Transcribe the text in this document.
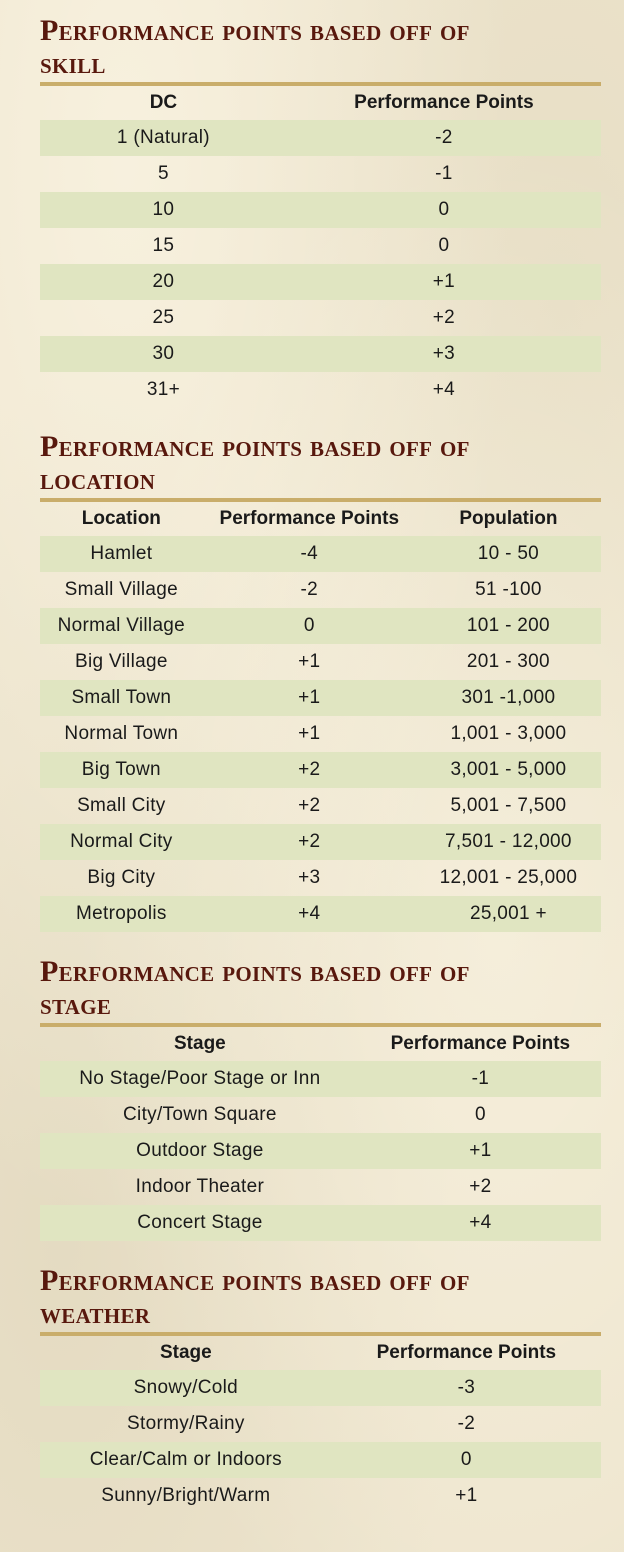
Performance points based off of
skill
DC	Performance Points
1 (Natural)	-2
5	-1
10	0
15	0
20	+1
25	+2
30	+3
31+	+4
Performance points based off of
location
Location	Performance Points	Population
Hamlet	-4	10 - 50
Small Village	-2	51 -100
Normal Village	0	101 - 200
Big Village	+1	201 - 300
Small Town	+1	301 -1,000
Normal Town	+1	1,001 - 3,000
Big Town	+2	3,001 - 5,000
Small City	+2	5,001 - 7,500
Normal City	+2	7,501 - 12,000
Big City	+3	12,001 - 25,000
Metropolis	+4	25,001 +
Performance points based off of
stage
Stage	Performance Points
No Stage/Poor Stage or Inn	-1
City/Town Square	0
Outdoor Stage	+1
Indoor Theater	+2
Concert Stage	+4
Performance points based off of
weather
Stage	Performance Points
Snowy/Cold	-3
Stormy/Rainy	-2
Clear/Calm or Indoors	0
Sunny/Bright/Warm	+1
